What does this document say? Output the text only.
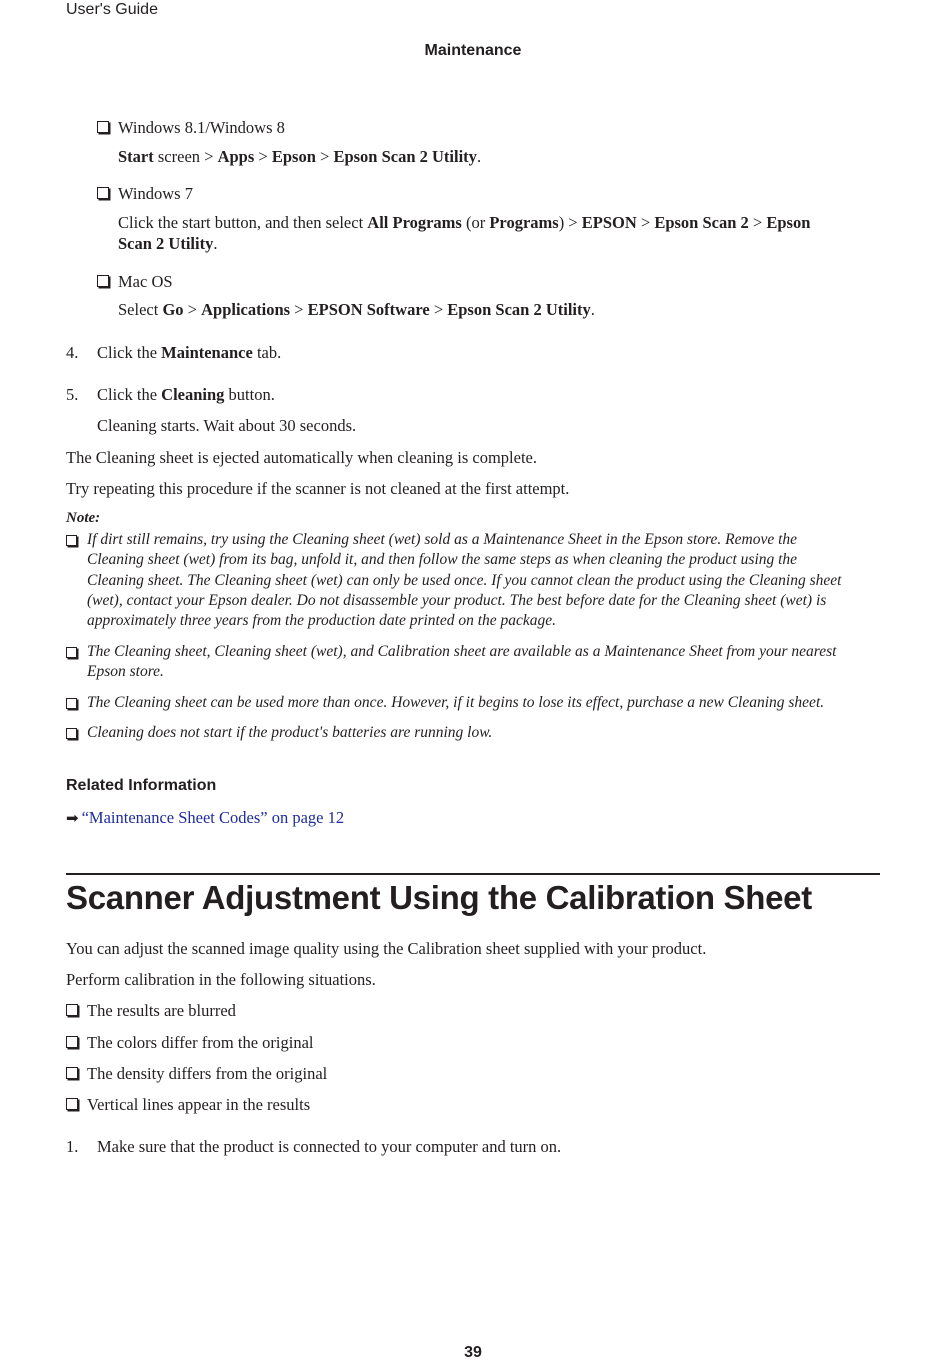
User's Guide
Maintenance
Windows 8.1/Windows 8
Start screen > Apps > Epson > Epson Scan 2 Utility.
Windows 7
Click the start button, and then select All Programs (or Programs) > EPSON > Epson Scan 2 > Epson
Scan 2 Utility.
Mac OS
Select Go > Applications > EPSON Software > Epson Scan 2 Utility.
4. Click the Maintenance tab.
5. Click the Cleaning button.
Cleaning starts. Wait about 30 seconds.
The Cleaning sheet is ejected automatically when cleaning is complete.
Try repeating this procedure if the scanner is not cleaned at the first attempt.
Note:
If dirt still remains, try using the Cleaning sheet (wet) sold as a Maintenance Sheet in the Epson store. Remove the
Cleaning sheet (wet) from its bag, unfold it, and then follow the same steps as when cleaning the product using the
Cleaning sheet. The Cleaning sheet (wet) can only be used once. If you cannot clean the product using the Cleaning sheet
(wet), contact your Epson dealer. Do not disassemble your product. The best before date for the Cleaning sheet (wet) is
approximately three years from the production date printed on the package.
The Cleaning sheet, Cleaning sheet (wet), and Calibration sheet are available as a Maintenance Sheet from your nearest
Epson store.
The Cleaning sheet can be used more than once. However, if it begins to lose its effect, purchase a new Cleaning sheet.
Cleaning does not start if the product's batteries are running low.
Related Information
➡ “Maintenance Sheet Codes” on page 12
Scanner Adjustment Using the Calibration Sheet
You can adjust the scanned image quality using the Calibration sheet supplied with your product.
Perform calibration in the following situations.
The results are blurred
The colors differ from the original
The density differs from the original
Vertical lines appear in the results
1. Make sure that the product is connected to your computer and turn on.
39
